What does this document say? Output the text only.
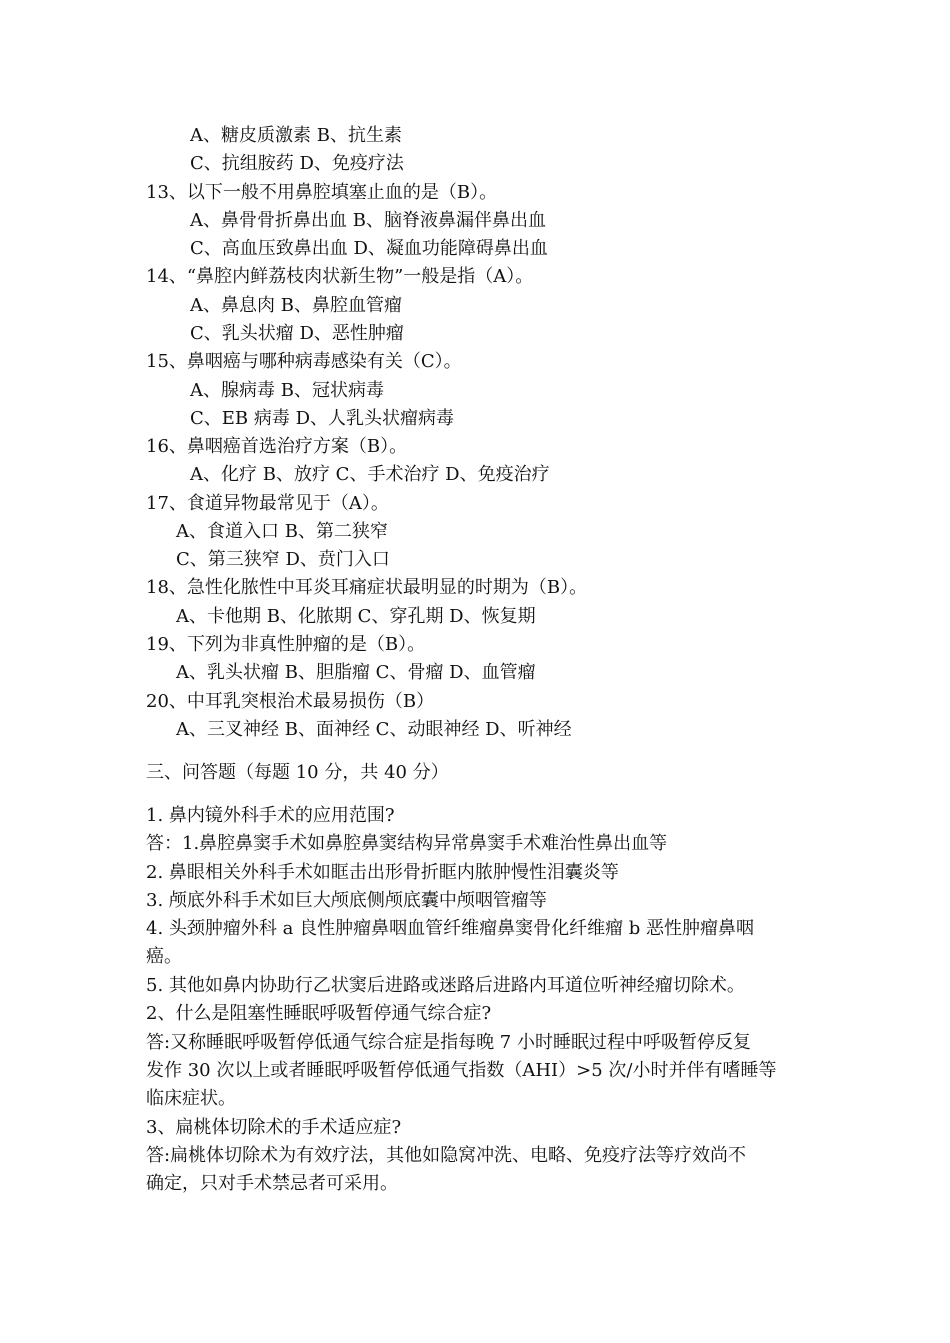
A、糖皮质激素 B、抗生素
C、抗组胺药 D、免疫疗法
13、以下一般不用鼻腔填塞止血的是（B）。
A、鼻骨骨折鼻出血 B、脑脊液鼻漏伴鼻出血
C、高血压致鼻出血 D、凝血功能障碍鼻出血
14、“鼻腔内鲜荔枝肉状新生物”一般是指（A）。
A、鼻息肉 B、鼻腔血管瘤
C、乳头状瘤 D、恶性肿瘤
15、鼻咽癌与哪种病毒感染有关（C）。
A、腺病毒 B、冠状病毒
C、EB 病毒 D、人乳头状瘤病毒
16、鼻咽癌首选治疗方案（B）。
A、化疗 B、放疗 C、手术治疗 D、免疫治疗
17、食道异物最常见于（A）。
A、食道入口 B、第二狭窄
C、第三狭窄 D、贲门入口
18、急性化脓性中耳炎耳痛症状最明显的时期为（B）。
A、卡他期 B、化脓期 C、穿孔期 D、恢复期
19、下列为非真性肿瘤的是（B）。
A、乳头状瘤 B、胆脂瘤 C、骨瘤 D、血管瘤
20、中耳乳突根治术最易损伤（B）
A、三叉神经 B、面神经 C、动眼神经 D、听神经
三、问答题（每题 10 分，共 40 分）
1. 鼻内镜外科手术的应用范围?
答：1.鼻腔鼻窦手术如鼻腔鼻窦结构异常鼻窦手术难治性鼻出血等
2. 鼻眼相关外科手术如眶击出形骨折眶内脓肿慢性泪囊炎等
3. 颅底外科手术如巨大颅底侧颅底囊中颅咽管瘤等
4. 头颈肿瘤外科 a 良性肿瘤鼻咽血管纤维瘤鼻窦骨化纤维瘤 b 恶性肿瘤鼻咽
癌。
5. 其他如鼻内协助行乙状窦后进路或迷路后进路内耳道位听神经瘤切除术。
2、什么是阻塞性睡眠呼吸暂停通气综合症?
答:又称睡眠呼吸暂停低通气综合症是指每晚 7 小时睡眠过程中呼吸暂停反复
发作 30 次以上或者睡眠呼吸暂停低通气指数（AHI）>5 次/小时并伴有嗜睡等
临床症状。
3、扁桃体切除术的手术适应症?
答:扁桃体切除术为有效疗法，其他如隐窝冲洗、电略、免疫疗法等疗效尚不
确定，只对手术禁忌者可采用。
